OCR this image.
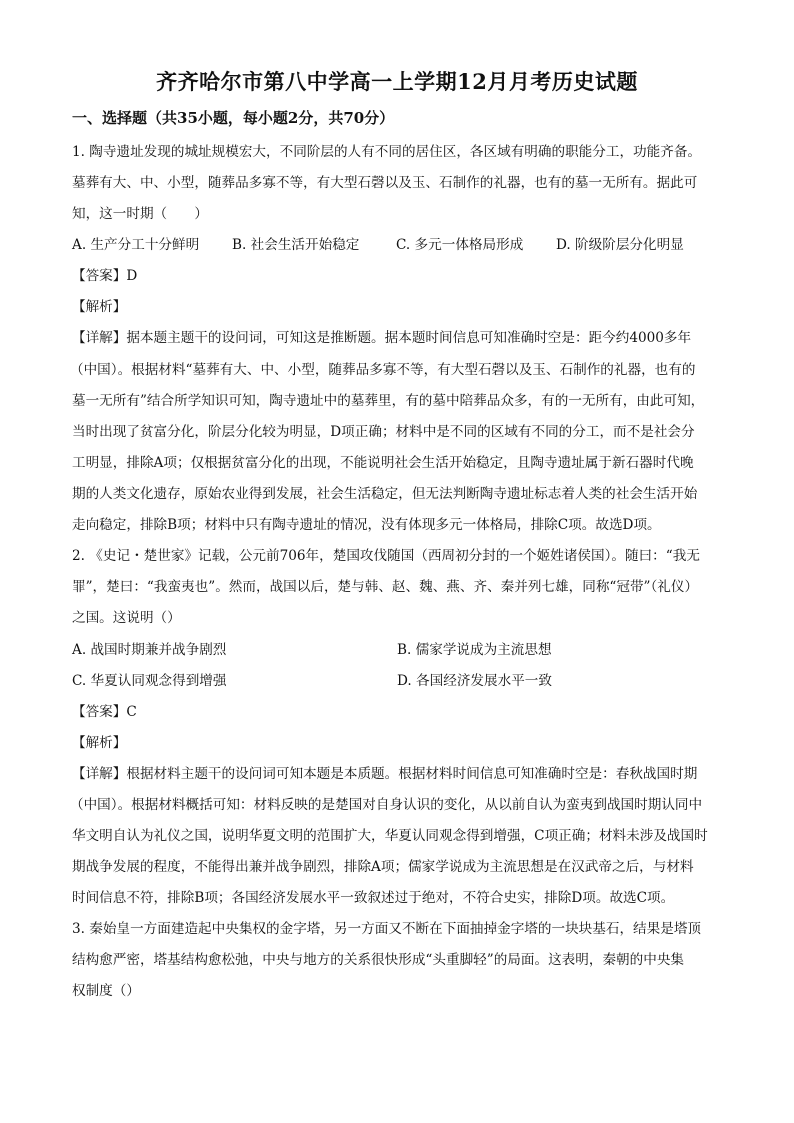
齐齐哈尔市第八中学高一上学期12月月考历史试题
一、选择题（共35小题，每小题2分，共70分）
1. 陶寺遗址发现的城址规模宏大，不同阶层的人有不同的居住区，各区域有明确的职能分工，功能齐备。
墓葬有大、中、小型，随葬品多寡不等，有大型石磬以及玉、石制作的礼器，也有的墓一无所有。据此可
知，这一时期（　　）
A. 生产分工十分鲜明 B. 社会生活开始稳定	C. 多元一体格局形成 D. 阶级阶层分化明显
【答案】D
【解析】
【详解】据本题主题干的设问词，可知这是推断题。据本题时间信息可知准确时空是：距今约4000多年
（中国）。根据材料“墓葬有大、中、小型，随葬品多寡不等，有大型石磬以及玉、石制作的礼器，也有的
墓一无所有”结合所学知识可知，陶寺遗址中的墓葬里，有的墓中陪葬品众多，有的一无所有，由此可知，
当时出现了贫富分化，阶层分化较为明显，D项正确；材料中是不同的区域有不同的分工，而不是社会分
工明显，排除A项；仅根据贫富分化的出现，不能说明社会生活开始稳定，且陶寺遗址属于新石器时代晚
期的人类文化遗存，原始农业得到发展，社会生活稳定，但无法判断陶寺遗址标志着人类的社会生活开始
走向稳定，排除B项；材料中只有陶寺遗址的情况，没有体现多元一体格局，排除C项。故选D项。
2. 《史记・楚世家》记载，公元前706年，楚国攻伐随国（西周初分封的一个姬姓诸侯国）。随曰：“我无
罪”，楚曰：“我蛮夷也”。然而，战国以后，楚与韩、赵、魏、燕、齐、秦并列七雄，同称“冠带”（礼仪）
之国。这说明（）
A. 战国时期兼并战争剧烈	B. 儒家学说成为主流思想
C. 华夏认同观念得到增强	D. 各国经济发展水平一致
【答案】C
【解析】
【详解】根据材料主题干的设问词可知本题是本质题。根据材料时间信息可知准确时空是：春秋战国时期
（中国）。根据材料概括可知：材料反映的是楚国对自身认识的变化，从以前自认为蛮夷到战国时期认同中
华文明自认为礼仪之国，说明华夏文明的范围扩大，华夏认同观念得到增强，C项正确；材料未涉及战国时
期战争发展的程度，不能得出兼并战争剧烈，排除A项；儒家学说成为主流思想是在汉武帝之后，与材料
时间信息不符，排除B项；各国经济发展水平一致叙述过于绝对，不符合史实，排除D项。故选C项。
3. 秦始皇一方面建造起中央集权的金字塔，另一方面又不断在下面抽掉金字塔的一块块基石，结果是塔顶
结构愈严密，塔基结构愈松弛，中央与地方的关系很快形成“头重脚轻”的局面。这表明，秦朝的中央集
权制度（）
